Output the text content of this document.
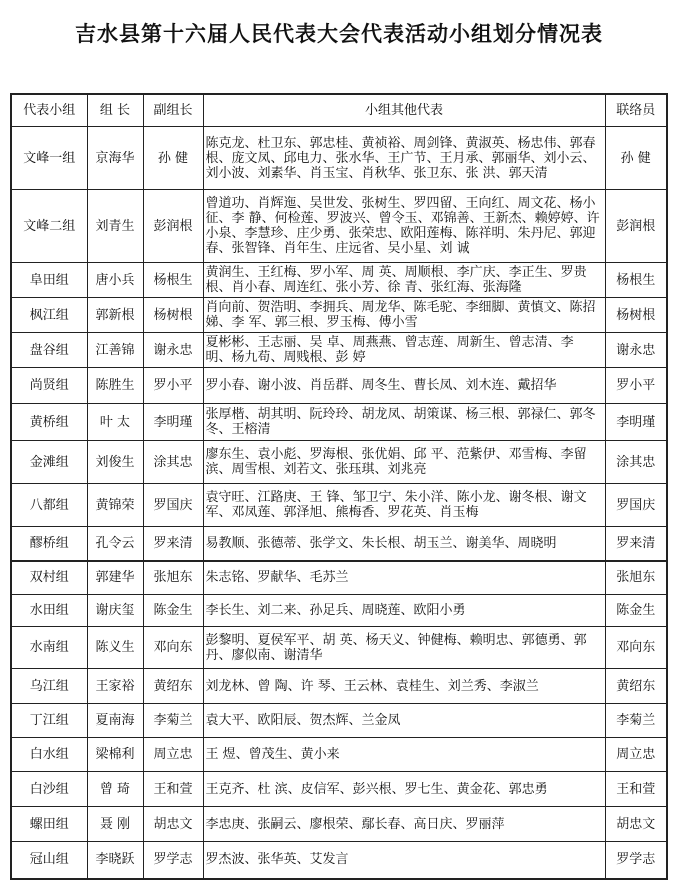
吉水县第十六届人民代表大会代表活动小组划分情况表
代表小组	组 长	副组长	小组其他代表	联络员
文峰一组	京海华	孙 健	陈克龙、杜卫东、郭忠桂、黄祯裕、周剑锋、黄淑英、杨忠伟、郭春根、庞文凤、邱电力、张水华、王广节、王月承、郭丽华、刘小云、刘小波、刘素华、肖玉宝、肖秋华、张卫东、张 洪、郭天清	孙 健
文峰二组	刘青生	彭润根	曾道功、肖辉迤、吴世发、张树生、罗四留、王向红、周文花、杨小征、李 静、何检莲、罗波兴、曾令玉、邓锦善、王新杰、赖婷婷、许小泉、李慧珍、庄少勇、张荣忠、欧阳莲梅、陈祥明、朱丹尼、郭迎春、张智锋、肖年生、庄远省、吴小星、刘 诚	彭润根
阜田组	唐小兵	杨根生	黄润生、王红梅、罗小军、周 英、周顺根、李广庆、李正生、罗贵根、肖小春、周连红、张小芳、徐 青、张红海、张海隆	杨根生
枫江组	郭新根	杨树根	肖向前、贺浩明、李拥兵、周龙华、陈毛驼、李细脚、黄慎文、陈招娣、李 军、郭三根、罗玉梅、傅小雪	杨树根
盘谷组	江善锦	谢永忠	夏彬彬、王志丽、吴 卓、周燕燕、曾志莲、周新生、曾志清、李 明、杨九苟、周贱根、彭 婷	谢永忠
尚贤组	陈胜生	罗小平	罗小春、谢小波、肖岳群、周冬生、曹长凤、刘木连、戴招华	罗小平
黄桥组	叶 太	李明瑾	张厚楷、胡其明、阮玲玲、胡龙凤、胡策谋、杨三根、郭禄仁、郭冬冬、王榕清	李明瑾
金滩组	刘俊生	涂其忠	廖东生、袁小彪、罗海根、张优娟、邱 平、范紫伊、邓雪梅、李留滨、周雪根、刘若文、张珏琪、刘兆亮	涂其忠
八都组	黄锦荣	罗国庆	袁守旺、江路庚、王 锋、邹卫宁、朱小洋、陈小龙、谢冬根、谢文军、邓凤莲、郭泽旭、熊梅香、罗花英、肖玉梅	罗国庆
醪桥组	孔令云	罗来清	易教顺、张德蒂、张学文、朱长根、胡玉兰、谢美华、周晓明	罗来清
双村组	郭建华	张旭东	朱志铭、罗献华、毛苏兰	张旭东
水田组	谢庆玺	陈金生	李长生、刘二来、孙足兵、周晓莲、欧阳小勇	陈金生
水南组	陈义生	邓向东	彭黎明、夏侯军平、胡 英、杨天义、钟健梅、赖明忠、郭德勇、郭 丹、廖似南、谢清华	邓向东
乌江组	王家裕	黄绍东	刘龙林、曾 陶、许 琴、王云林、袁桂生、刘兰秀、李淑兰	黄绍东
丁江组	夏南海	李菊兰	袁大平、欧阳辰、贺杰辉、兰金凤	李菊兰
白水组	梁棉利	周立忠	王 煜、曾茂生、黄小来	周立忠
白沙组	曾 琦	王和萱	王克齐、杜 滨、皮信军、彭兴根、罗七生、黄金花、郭忠勇	王和萱
螺田组	聂 刚	胡忠文	李忠庚、张嗣云、廖根荣、鄢长春、高日庆、罗丽萍	胡忠文
冠山组	李晓跃	罗学志	罗杰波、张华英、艾发言	罗学志
